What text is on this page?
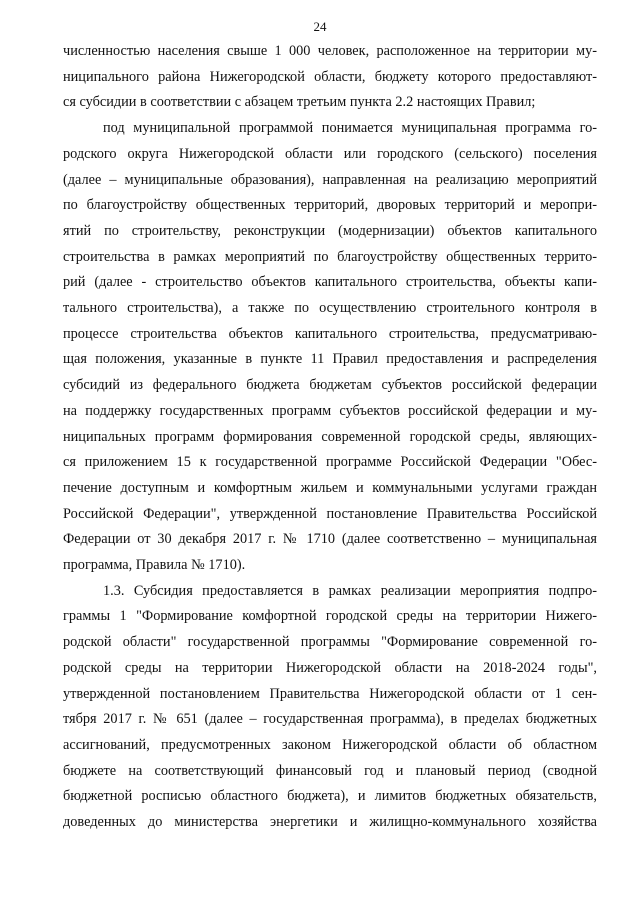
24
численностью населения свыше 1 000 человек, расположенное на территории му-
ниципального района Нижегородской области, бюджету которого предоставляют-
ся субсидии в соответствии с абзацем третьим пункта 2.2 настоящих Правил;
под муниципальной программой понимается муниципальная программа го-
родского округа Нижегородской области или городского (сельского) поселения
(далее – муниципальные образования), направленная на реализацию мероприятий
по благоустройству общественных территорий, дворовых территорий и меропри-
ятий по строительству, реконструкции (модернизации) объектов капитального
строительства в рамках мероприятий по благоустройству общественных террито-
рий (далее - строительство объектов капитального строительства, объекты капи-
тального строительства), а также по осуществлению строительного контроля в
процессе строительства объектов капитального строительства, предусматриваю-
щая положения, указанные в пункте 11 Правил предоставления и распределения
субсидий из федерального бюджета бюджетам субъектов российской федерации
на поддержку государственных программ субъектов российской федерации и му-
ниципальных программ формирования современной городской среды, являющих-
ся приложением 15 к государственной программе Российской Федерации "Обес-
печение доступным и комфортным жильем и коммунальными услугами граждан
Российской Федерации", утвержденной постановление Правительства Российской
Федерации от 30 декабря 2017 г. № 1710 (далее соответственно – муниципальная
программа, Правила № 1710).
1.3. Субсидия предоставляется в рамках реализации мероприятия подпро-
граммы 1 "Формирование комфортной городской среды на территории Нижего-
родской области" государственной программы "Формирование современной го-
родской среды на территории Нижегородской области на 2018-2024 годы",
утвержденной постановлением Правительства Нижегородской области от 1 сен-
тября 2017 г. № 651 (далее – государственная программа), в пределах бюджетных
ассигнований, предусмотренных законом Нижегородской области об областном
бюджете на соответствующий финансовый год и плановый период (сводной
бюджетной росписью областного бюджета), и лимитов бюджетных обязательств,
доведенных до министерства энергетики и жилищно-коммунального хозяйства
